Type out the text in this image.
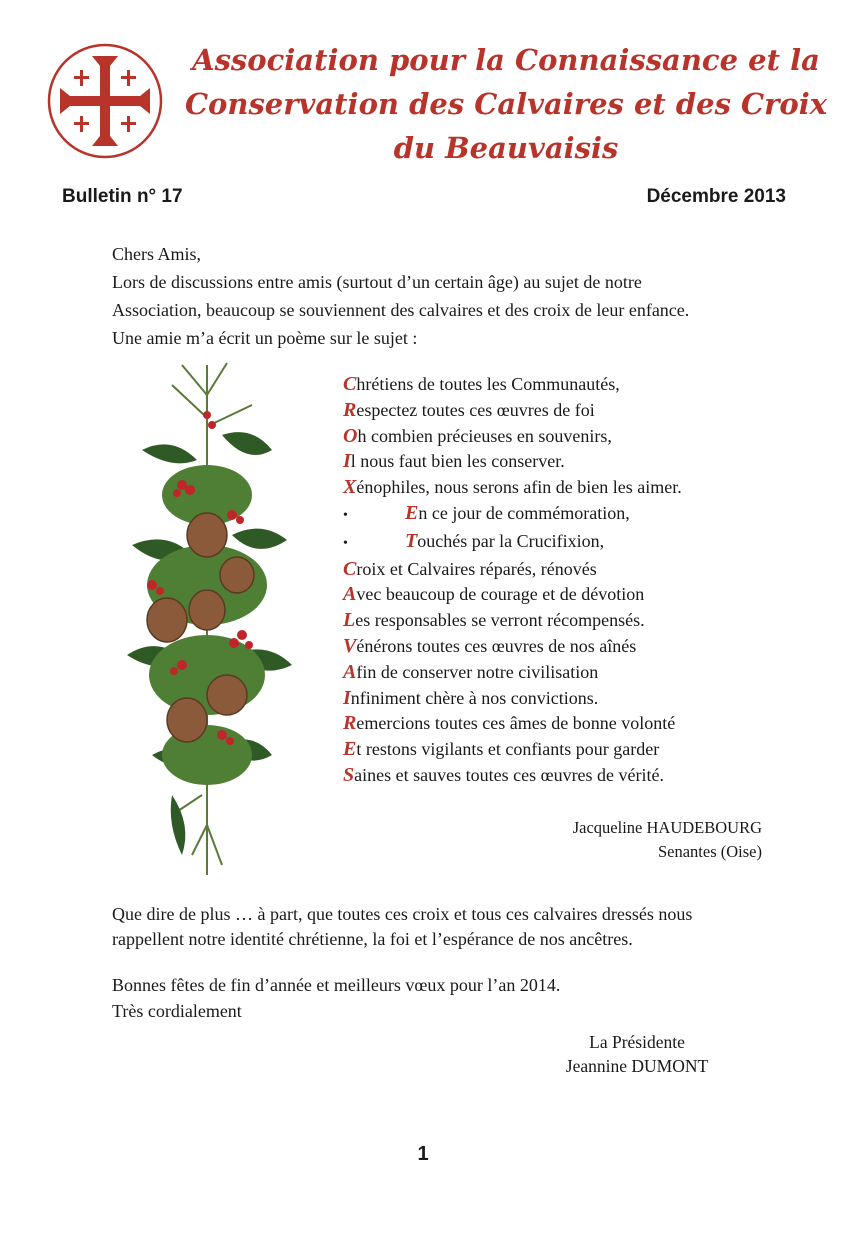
Association pour la Connaissance et la
Conservation des Calvaires et des Croix
du Beauvaisis
Bulletin n° 17	Décembre 2013

Chers Amis,

Lors de discussions entre amis (surtout d’un certain âge) au sujet de notre

Association, beaucoup se souviennent des calvaires et des croix de leur enfance.

Une amie m’a écrit un poème sur le sujet :

Chrétiens de toutes les Communautés,
Respectez toutes ces œuvres de foi
Oh combien précieuses en souvenirs,
Il nous faut bien les conserver.
Xénophiles, nous serons afin de bien les aimer.
•	En ce jour de commémoration,
•	Touchés par la Crucifixion,
Croix et Calvaires réparés, rénovés
Avec beaucoup de courage et de dévotion
Les responsables se verront récompensés.
Vénérons toutes ces œuvres de nos aînés
Afin de conserver notre civilisation
Infiniment chère à nos convictions.
Remercions toutes ces âmes de bonne volonté
Et restons vigilants et confiants pour garder
Saines et sauves toutes ces œuvres de vérité.
Jacqueline HAUDEBOURG
Senantes (Oise)

Que dire de plus … à part, que toutes ces croix et tous ces calvaires dressés nous

rappellent notre identité chrétienne, la foi et l’espérance de nos ancêtres.

Bonnes fêtes de fin d’année et meilleurs vœux pour l’an 2014.

Très cordialement

La Présidente
Jeannine DUMONT
1
